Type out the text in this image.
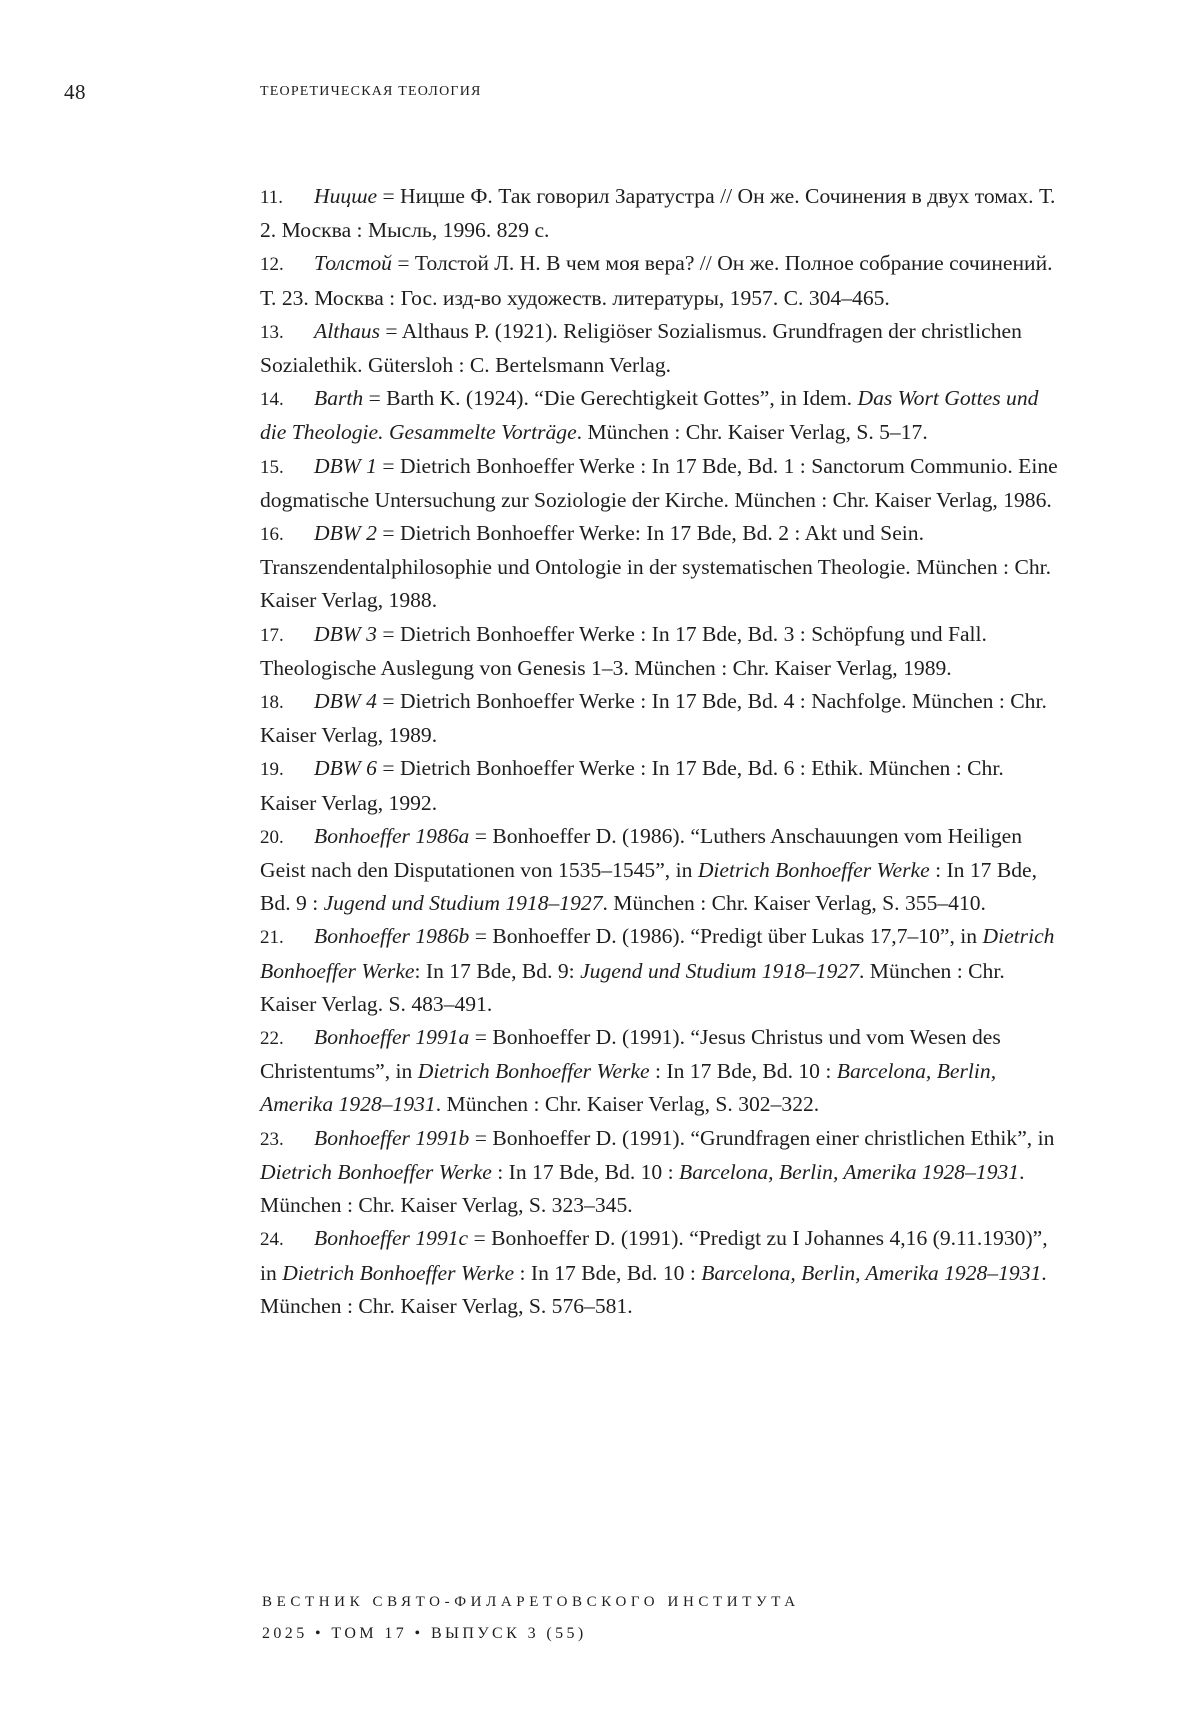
48	ТЕОРЕТИЧЕСКАЯ ТЕОЛОГИЯ

11. Ницше = Ницше Ф. Так говорил Заратустра // Он же. Сочинения в двух томах. Т. 2. Москва : Мысль, 1996. 829 с.

12. Толстой = Толстой Л. Н. В чем моя вера? // Он же. Полное собрание сочинений. Т. 23. Москва : Гос. изд-во художеств. литературы, 1957. С. 304–465.

13. Althaus = Althaus P. (1921). Religiöser Sozialismus. Grundfragen der christlichen Sozialethik. Gütersloh : C. Bertelsmann Verlag.

14. Barth = Barth K. (1924). “Die Gerechtigkeit Gottes”, in Idem. Das Wort Gottes und die Theologie. Gesammelte Vorträge. München : Chr. Kaiser Verlag, S. 5–17.

15. DBW 1 = Dietrich Bonhoeffer Werke : In 17 Bde, Bd. 1 : Sanctorum Communio. Eine dogmatische Untersuchung zur Soziologie der Kirche. München : Chr. Kaiser Verlag, 1986.

16. DBW 2 = Dietrich Bonhoeffer Werke: In 17 Bde, Bd. 2 : Akt und Sein. Transzendentalphilosophie und Ontologie in der systematischen Theologie. München : Chr. Kaiser Verlag, 1988.

17. DBW 3 = Dietrich Bonhoeffer Werke : In 17 Bde, Bd. 3 : Schöpfung und Fall. Theologische Auslegung von Genesis 1–3. München : Chr. Kaiser Verlag, 1989.

18. DBW 4 = Dietrich Bonhoeffer Werke : In 17 Bde, Bd. 4 : Nachfolge. München : Chr. Kaiser Verlag, 1989.

19. DBW 6 = Dietrich Bonhoeffer Werke : In 17 Bde, Bd. 6 : Ethik. München : Chr. Kaiser Verlag, 1992.

20. Bonhoeffer 1986a = Bonhoeffer D. (1986). “Luthers Anschauungen vom Heiligen Geist nach den Disputationen von 1535–1545”, in Dietrich Bonhoeffer Werke : In 17 Bde, Bd. 9 : Jugend und Studium 1918–1927. München : Chr. Kaiser Verlag, S. 355–410.

21. Bonhoeffer 1986b = Bonhoeffer D. (1986). “Predigt über Lukas 17,7–10”, in Dietrich Bonhoeffer Werke: In 17 Bde, Bd. 9: Jugend und Studium 1918–1927. München : Chr. Kaiser Verlag. S. 483–491.

22. Bonhoeffer 1991a = Bonhoeffer D. (1991). “Jesus Christus und vom Wesen des Christentums”, in Dietrich Bonhoeffer Werke : In 17 Bde, Bd. 10 : Barcelona, Berlin, Amerika 1928–1931. München : Chr. Kaiser Verlag, S. 302–322.

23. Bonhoeffer 1991b = Bonhoeffer D. (1991). “Grundfragen einer christlichen Ethik”, in Dietrich Bonhoeffer Werke : In 17 Bde, Bd. 10 : Barcelona, Berlin, Amerika 1928–1931. München : Chr. Kaiser Verlag, S. 323–345.

24. Bonhoeffer 1991c = Bonhoeffer D. (1991). “Predigt zu I Johannes 4,16 (9.11.1930)”, in Dietrich Bonhoeffer Werke : In 17 Bde, Bd. 10 : Barcelona, Berlin, Amerika 1928–1931. München : Chr. Kaiser Verlag, S. 576–581.

ВЕСТНИК СВЯТО-ФИЛАРЕТОВСКОГО ИНСТИТУТА
2025 • ТОМ 17 • ВЫПУСК 3 (55)
